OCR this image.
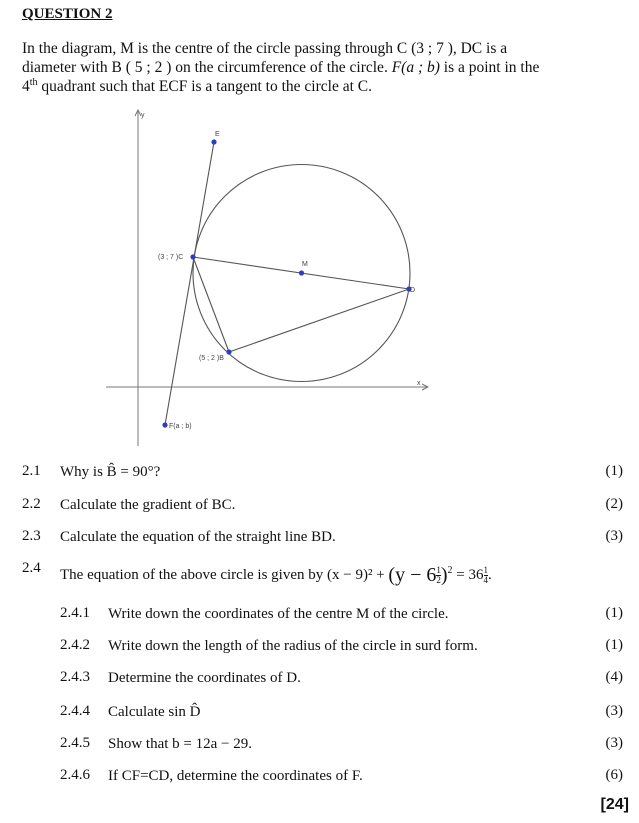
QUESTION 2
In the diagram, M is the centre of the circle passing through C (3 ; 7 ), DC is a
diameter with B ( 5 ; 2 ) on the circumference of the circle. F(a ; b) is a point in the
4th quadrant such that ECF is a tangent to the circle at C.
y
x
E
M
(3 ; 7 )C
D
(5 ; 2 )B
F(a ; b)
2.1 Why is B̂ = 90°?	(1)
2.2 Calculate the gradient of BC.	(2)
2.3 Calculate the equation of the straight line BD.	(3)
2.4 The equation of the above circle is given by $(x - 9)^2 + (y - 6 \frac{1}{2} )^2 = 36 \frac{1}{4}$ .
2.4.1 Write down the coordinates of the centre M of the circle.	(1)
2.4.2 Write down the length of the radius of the circle in surd form.	(1)
2.4.3 Determine the coordinates of D.	(4)
2.4.4 Calculate sin D̂	(3)
2.4.5 Show that b = 12a − 29.	(3)
2.4.6 If CF=CD, determine the coordinates of F.	(6)
[24]
